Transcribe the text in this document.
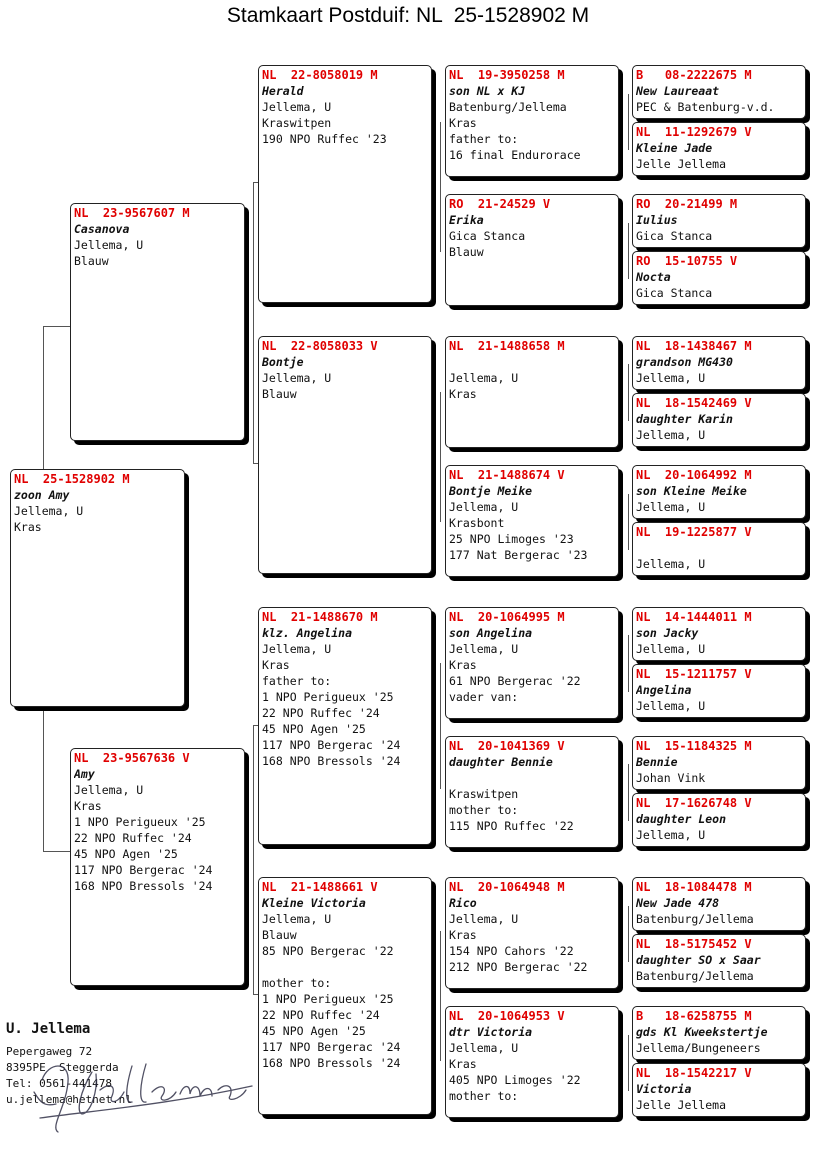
Stamkaart Postduif: NL  25-1528902 M
NL  25-1528902 M
zoon Amy
Jellema, U
Kras
NL  23-9567607 M
Casanova
Jellema, U
Blauw
NL  23-9567636 V
Amy
Jellema, U
Kras
1 NPO Perigueux '25
22 NPO Ruffec '24
45 NPO Agen '25
117 NPO Bergerac '24
168 NPO Bressols '24
NL  22-8058019 M
Herald
Jellema, U
Kraswitpen
190 NPO Ruffec '23
NL  22-8058033 V
Bontje
Jellema, U
Blauw
NL  21-1488670 M
klz. Angelina
Jellema, U
Kras
father to:
1 NPO Perigueux '25
22 NPO Ruffec '24
45 NPO Agen '25
117 NPO Bergerac '24
168 NPO Bressols '24
NL  21-1488661 V
Kleine Victoria
Jellema, U
Blauw
85 NPO Bergerac '22
mother to:
1 NPO Perigueux '25
22 NPO Ruffec '24
45 NPO Agen '25
117 NPO Bergerac '24
168 NPO Bressols '24
NL  19-3950258 M
son NL x KJ
Batenburg/Jellema
Kras
father to:
16 final Endurorace
RO  21-24529 V
Erika
Gica Stanca
Blauw
NL  21-1488658 M
Jellema, U
Kras
NL  21-1488674 V
Bontje Meike
Jellema, U
Krasbont
25 NPO Limoges '23
177 Nat Bergerac '23
NL  20-1064995 M
son Angelina
Jellema, U
Kras
61 NPO Bergerac '22
vader van:
NL  20-1041369 V
daughter Bennie
Kraswitpen
mother to:
115 NPO Ruffec '22
NL  20-1064948 M
Rico
Jellema, U
Kras
154 NPO Cahors '22
212 NPO Bergerac '22
NL  20-1064953 V
dtr Victoria
Jellema, U
Kras
405 NPO Limoges '22
mother to:
B   08-2222675 M
New Laureaat
PEC & Batenburg-v.d.
NL  11-1292679 V
Kleine Jade
Jelle Jellema
RO  20-21499 M
Iulius
Gica Stanca
RO  15-10755 V
Nocta
Gica Stanca
NL  18-1438467 M
grandson MG430
Jellema, U
NL  18-1542469 V
daughter Karin
Jellema, U
NL  20-1064992 M
son Kleine Meike
Jellema, U
NL  19-1225877 V
Jellema, U
NL  14-1444011 M
son Jacky
Jellema, U
NL  15-1211757 V
Angelina
Jellema, U
NL  15-1184325 M
Bennie
Johan Vink
NL  17-1626748 V
daughter Leon
Jellema, U
NL  18-1084478 M
New Jade 478
Batenburg/Jellema
NL  18-5175452 V
daughter SO x Saar
Batenburg/Jellema
B   18-6258755 M
gds Kl Kweekstertje
Jellema/Bungeneers
NL  18-1542217 V
Victoria
Jelle Jellema
U. Jellema
Pepergaweg 72
8395PE  Steggerda
Tel: 0561-441478
u.jellema@hetnet.nl
